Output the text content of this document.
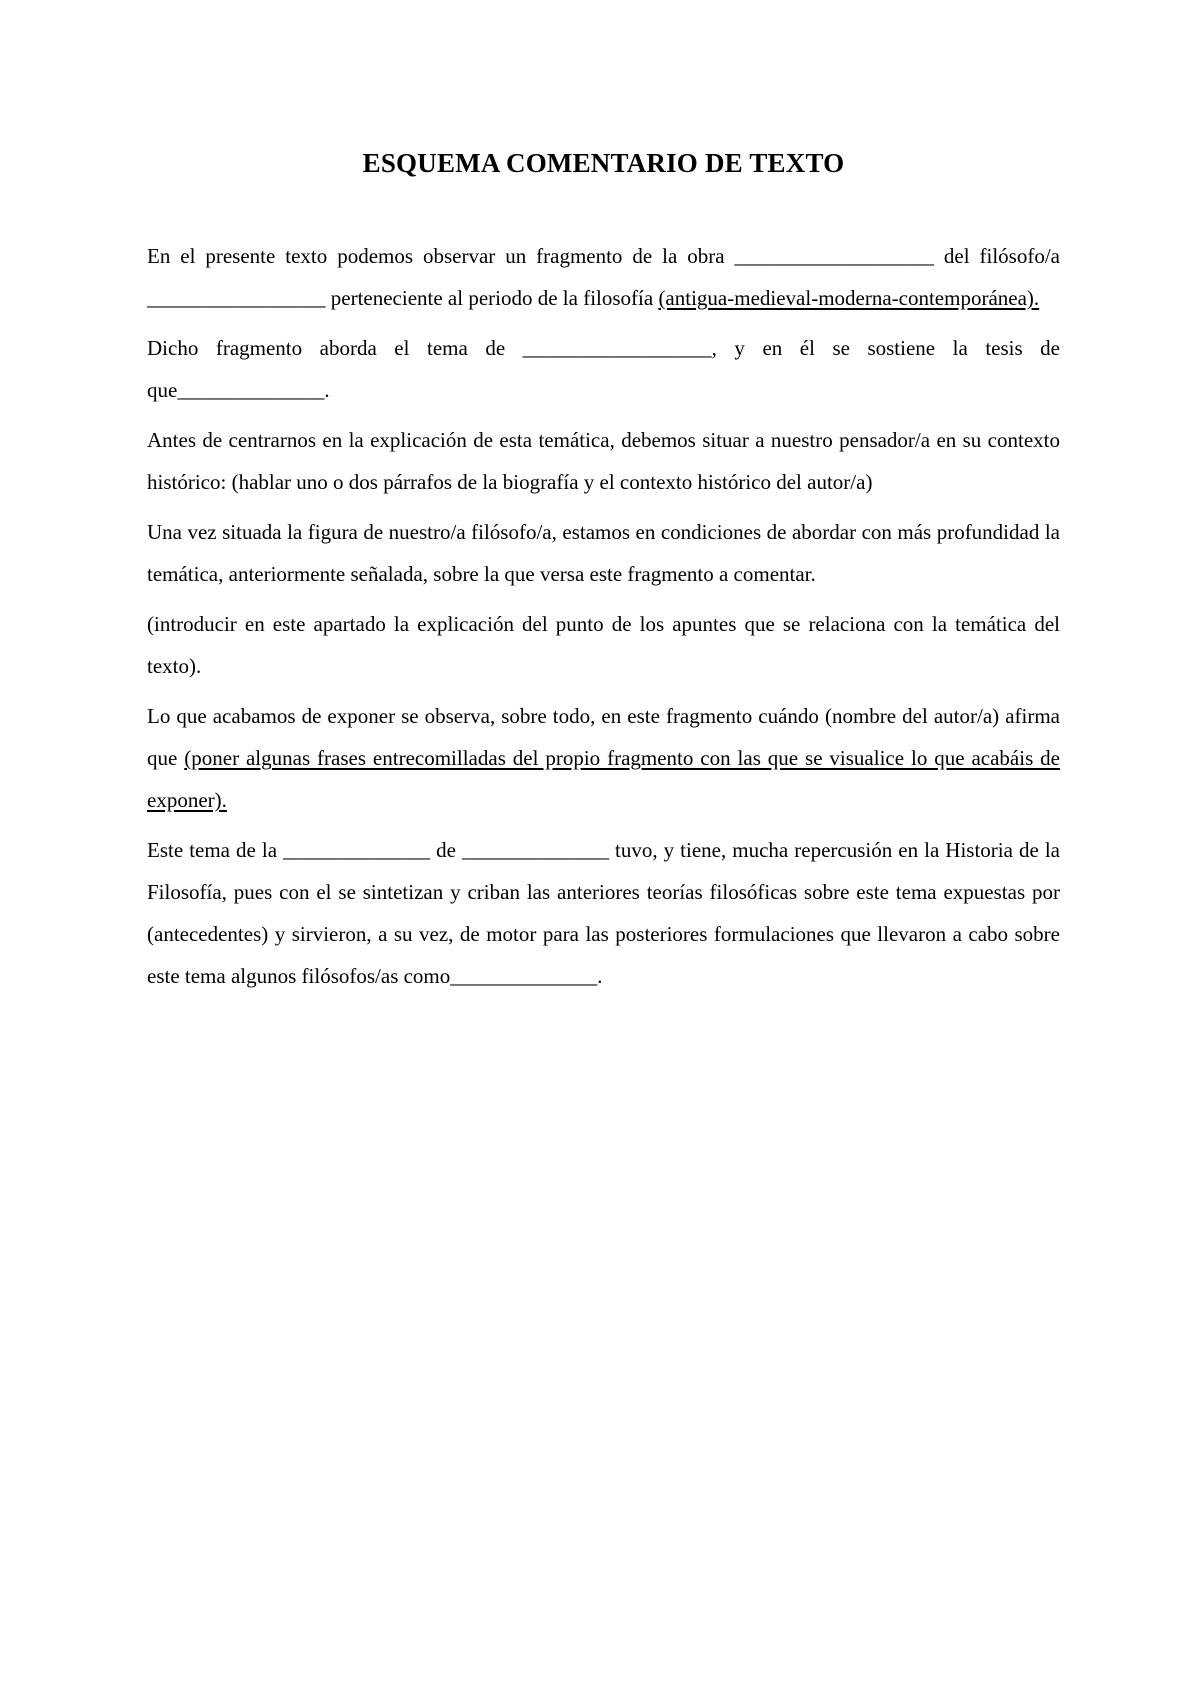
ESQUEMA COMENTARIO DE TEXTO

En el presente texto podemos observar un fragmento de la obra ___________________ del filósofo/a _________________ perteneciente al periodo de la filosofía (antigua-medieval-moderna-contemporánea).

Dicho fragmento aborda el tema de __________________, y en él se sostiene la tesis de que______________.

Antes de centrarnos en la explicación de esta temática, debemos situar a nuestro pensador/a en su contexto histórico: (hablar uno o dos párrafos de la biografía y el contexto histórico del autor/a)

Una vez situada la figura de nuestro/a filósofo/a, estamos en condiciones de abordar con más profundidad la temática, anteriormente señalada, sobre la que versa este fragmento a comentar.

(introducir en este apartado la explicación del punto de los apuntes que se relaciona con la temática del texto).

Lo que acabamos de exponer se observa, sobre todo, en este fragmento cuándo (nombre del autor/a) afirma que (poner algunas frases entrecomilladas del propio fragmento con las que se visualice lo que acabáis de exponer).

Este tema de la ______________ de ______________ tuvo, y tiene, mucha repercusión en la Historia de la Filosofía, pues con el se sintetizan y criban las anteriores teorías filosóficas sobre este tema expuestas por (antecedentes) y sirvieron, a su vez, de motor para las posteriores formulaciones que llevaron a cabo sobre este tema algunos filósofos/as como______________.
